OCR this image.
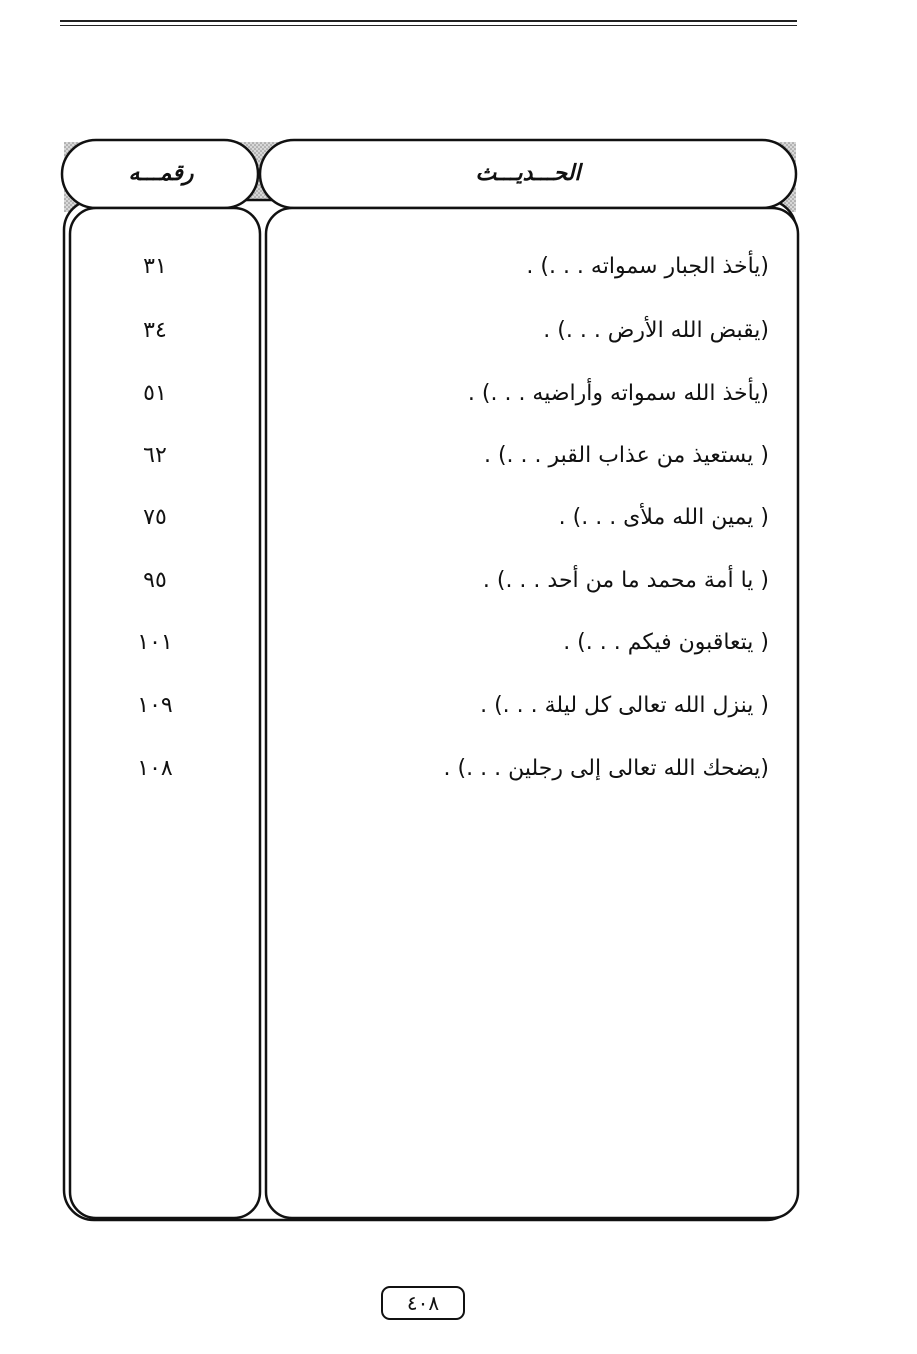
الحـــديـــث
رقمـــه
(يأخذ الجبار سمواته . . .) .
٣١
(يقبض الله الأرض . . .) .
٣٤
(يأخذ الله سمواته وأراضيه . . .) .
٥١
( يستعيذ من عذاب القبر . . .) .
٦٢
( يمين الله ملأى . . .) .
٧٥
( يا أمة محمد ما من أحد . . .) .
٩٥
( يتعاقبون فيكم . . .) .
١٠١
( ينزل الله تعالى كل ليلة . . .) .
١٠٩
(يضحك الله تعالى إلى رجلين . . .) .
١٠٨
٤٠٨
